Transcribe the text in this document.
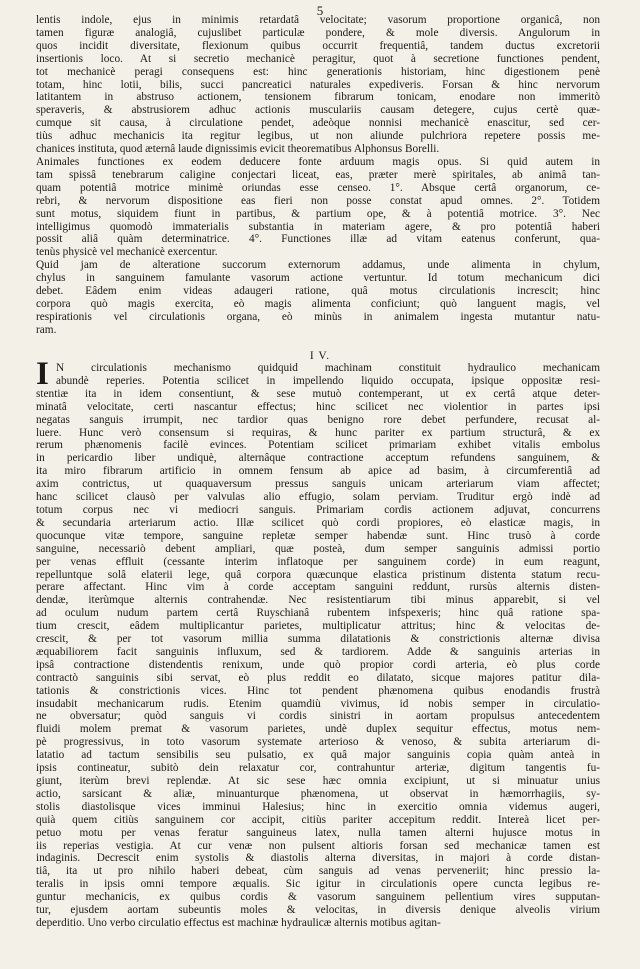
5
lentis indole, ejus in minimis retardatâ velocitate; vasorum proportione organicâ, non
tamen figuræ analogiâ, cujuslibet particulæ pondere, & mole diversis. Angulorum in
quos incidit diversitate, flexionum quibus occurrit frequentiâ, tandem ductus excretorii
insertionis loco. At si secretio mechanicè peragitur, quot à secretione functiones pendent,
tot mechanicè peragi consequens est: hinc generationis historiam, hinc digestionem penè
totam, hinc lotii, bilis, succi pancreatici naturales expediveris. Forsan & hinc nervorum
latitantem in abstruso actionem, tensionem fibrarum tonicam, enodare non immeritò
speraveris, & abstrusiorem adhuc actionis musculariis causam detegere, cujus certè quæ-
cumque sit causa, à circulatione pendet, adeòque nonnisi mechanicè enascitur, sed cer-
tiùs adhuc mechanicis ita regitur legibus, ut non aliunde pulchriora repetere possis me-
chanices instituta, quod æternâ laude dignissimis evicit theorematibus Alphonsus Borelli.
Animales functiones ex eodem deducere fonte arduum magis opus. Si quid autem in
tam spissâ tenebrarum caligine conjectari liceat, eas, præter merè spiritales, ab animâ tan-
quam potentiâ motrice minimè oriundas esse censeo. 1°. Absque certâ organorum, ce-
rebri, & nervorum dispositione eas fieri non posse constat apud omnes. 2°. Totidem
sunt motus, siquidem fiunt in partibus, & partium ope, & à potentiâ motrice. 3°. Nec
intelligimus quomodò immaterialis substantia in materiam agere, & pro potentiâ haberi
possit aliâ quàm determinatrice. 4°. Functiones illæ ad vitam eatenus conferunt, qua-
tenùs physicè vel mechanicè exercentur.
Quid jam de alteratione succorum externorum addamus, unde alimenta in chylum,
chylus in sanguinem famulante vasorum actione vertuntur. Id totum mechanicum dici
debet. Eâdem enim videas adaugeri ratione, quâ motus circulationis increscit; hinc
corpora quò magis exercita, eò magis alimenta conficiunt; quò languent magis, vel
respirationis vel circulationis organa, eò minùs in animalem ingesta mutantur natu-
ram.
I V.
I N circulationis mechanismo quidquid machinam constituit hydraulico mechanicam
abundè reperies. Potentia scilicet in impellendo liquido occupata, ipsique oppositæ resi-
stentiæ ita in idem consentiunt, & sese mutuò contemperant, ut ex certâ atque deter-
minatâ velocitate, certi nascantur effectus; hinc scilicet nec violentior in partes ipsi
negatas sanguis irrumpit, nec tardior quas benigno rore debet perfundere, recusat al-
luere. Hunc verò consensum si requiras, & hunc pariter ex partium structurâ, & ex
rerum phænomenis facilè evinces. Potentiam scilicet primariam exhibet vitalis embolus
in pericardio liber undiquè, alternâque contractione acceptum refundens sanguinem, &
ita miro fibrarum artificio in omnem fensum ab apice ad basim, à circumferentiâ ad
axim contrictus, ut quaquaversum pressus sanguis unicam arteriarum viam affectet;
hanc scilicet clausò per valvulas alio effugio, solam perviam. Truditur ergò indè ad
totum corpus nec vi mediocri sanguis. Primariam cordis actionem adjuvat, concurrens
& secundaria arteriarum actio. Illæ scilicet quò cordi propiores, eò elasticæ magis, in
quocunque vitæ tempore, sanguine repletæ semper habendæ sunt. Hinc trusò à corde
sanguine, necessariò debent ampliari, quæ posteà, dum semper sanguinis admissi portio
per venas effluit (cessante interim inflatoque per sanguinem corde) in eum reagunt,
repelluntque solâ elaterii lege, quâ corpora quæcunque elastica pristinum distenta statum recu-
perare affectant. Hinc vim à corde acceptam sanguini reddunt, rursùs alternis disten-
dendæ, iterùmque alternis contrahendæ. Nec resistentiarum tibi minus apparebit, si vel
ad oculum nudum partem certâ Ruyschianâ rubentem infspexeris; hinc quâ ratione spa-
tium crescit, eâdem multiplicantur parietes, multiplicatur attritus; hinc & velocitas de-
crescit, & per tot vasorum millia summa dilatationis & constrictionis alternæ divisa
æquabiliorem facit sanguinis influxum, sed & tardiorem. Adde & sanguinis arterias in
ipsâ contractione distendentis renixum, unde quò propior cordi arteria, eò plus corde
contractò sanguinis sibi servat, eò plus reddit eo dilatato, sicque majores patitur dila-
tationis & constrictionis vices. Hinc tot pendent phænomena quibus enodandis frustrà
insudabit mechanicarum rudis. Etenim quamdiù vivimus, id nobis semper in circulatio-
ne obversatur; quòd sanguis vi cordis sinistri in aortam propulsus antecedentem
fluidi molem premat & vasorum parietes, undè duplex sequitur effectus, motus nem-
pè progressivus, in toto vasorum systemate arterioso & venoso, & subita arteriarum di-
latatio ad tactum sensibilis seu pulsatio, ex quâ major sanguinis copia quàm anteà in
ipsis contineatur, subitò dein relaxatur cor, contrahuntur arteriæ, digitum tangentis fu-
giunt, iterùm brevi replendæ. At sic sese hæc omnia excipiunt, ut si minuatur unius
actio, sarsicant & aliæ, minuanturque phænomena, ut observat in hæmorrhagiis, sy-
stolis diastolisque vices imminui Halesius; hinc in exercitio omnia videmus augeri,
quià quem citiùs sanguinem cor accipit, citiùs pariter accepitum reddit. Intereà licet per-
petuo motu per venas feratur sanguineus latex, nulla tamen alterni hujusce motus in
iis reperias vestigia. At cur venæ non pulsent altioris forsan sed mechanicæ tamen est
indaginis. Decrescit enim systolis & diastolis alterna diversitas, in majori à corde distan-
tiâ, ita ut pro nihilo haberi debeat, cùm sanguis ad venas perveneriit; hinc pressio la-
teralis in ipsis omni tempore æqualis. Sic igitur in circulationis opere cuncta legibus re-
guntur mechanicis, ex quibus cordis & vasorum sanguinem pellentium vires supputan-
tur, ejusdem aortam subeuntis moles & velocitas, in diversis denique alveolis virium
deperditio. Uno verbo circulatio effectus est machinæ hydraulicæ alternis motibus agitan-
